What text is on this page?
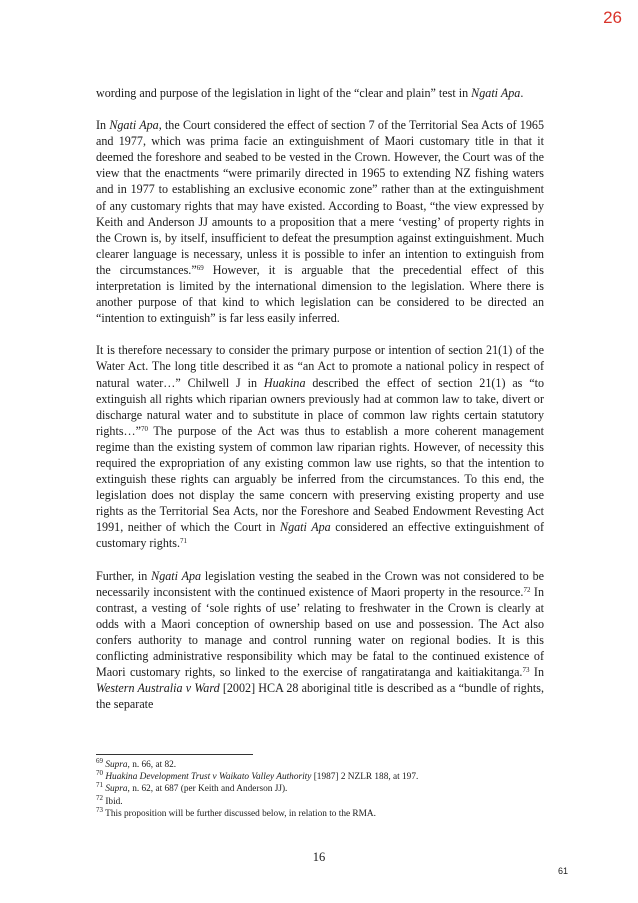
26

wording and purpose of the legislation in light of the “clear and plain” test in Ngati Apa.

In Ngati Apa, the Court considered the effect of section 7 of the Territorial Sea Acts of 1965 and 1977, which was prima facie an extinguishment of Maori customary title in that it deemed the foreshore and seabed to be vested in the Crown. However, the Court was of the view that the enactments “were primarily directed in 1965 to extending NZ fishing waters and in 1977 to establishing an exclusive economic zone” rather than at the extinguishment of any customary rights that may have existed. According to Boast, “the view expressed by Keith and Anderson JJ amounts to a proposition that a mere ‘vesting’ of property rights in the Crown is, by itself, insufficient to defeat the presumption against extinguishment. Much clearer language is necessary, unless it is possible to infer an intention to extinguish from the circumstances.”$^{69}$ However, it is arguable that the precedential effect of this interpretation is limited by the international dimension to the legislation. Where there is another purpose of that kind to which legislation can be considered to be directed an “intention to extinguish” is far less easily inferred.

It is therefore necessary to consider the primary purpose or intention of section 21(1) of the Water Act. The long title described it as “an Act to promote a national policy in respect of natural water…” Chilwell J in Huakina described the effect of section 21(1) as “to extinguish all rights which riparian owners previously had at common law to take, divert or discharge natural water and to substitute in place of common law rights certain statutory rights…”$^{70}$ The purpose of the Act was thus to establish a more coherent management regime than the existing system of common law riparian rights. However, of necessity this required the expropriation of any existing common law use rights, so that the intention to extinguish these rights can arguably be inferred from the circumstances. To this end, the legislation does not display the same concern with preserving existing property and use rights as the Territorial Sea Acts, nor the Foreshore and Seabed Endowment Revesting Act 1991, neither of which the Court in Ngati Apa considered an effective extinguishment of customary rights.$^{71}$

Further, in Ngati Apa legislation vesting the seabed in the Crown was not considered to be necessarily inconsistent with the continued existence of Maori property in the resource.$^{72}$ In contrast, a vesting of ‘sole rights of use’ relating to freshwater in the Crown is clearly at odds with a Maori conception of ownership based on use and possession. The Act also confers authority to manage and control running water on regional bodies. It is this conflicting administrative responsibility which may be fatal to the continued existence of Maori customary rights, so linked to the exercise of rangatiratanga and kaitiakitanga.$^{73}$ In Western Australia v Ward [2002] HCA 28 aboriginal title is described as a “bundle of rights, the separate

$^{69}$ Supra, n. 66, at 82.

$^{70}$ Huakina Development Trust v Waikato Valley Authority [1987] 2 NZLR 188, at 197.

$^{71}$ Supra, n. 62, at 687 (per Keith and Anderson JJ).

$^{72}$ Ibid.

$^{73}$ This proposition will be further discussed below, in relation to the RMA.

16
61
